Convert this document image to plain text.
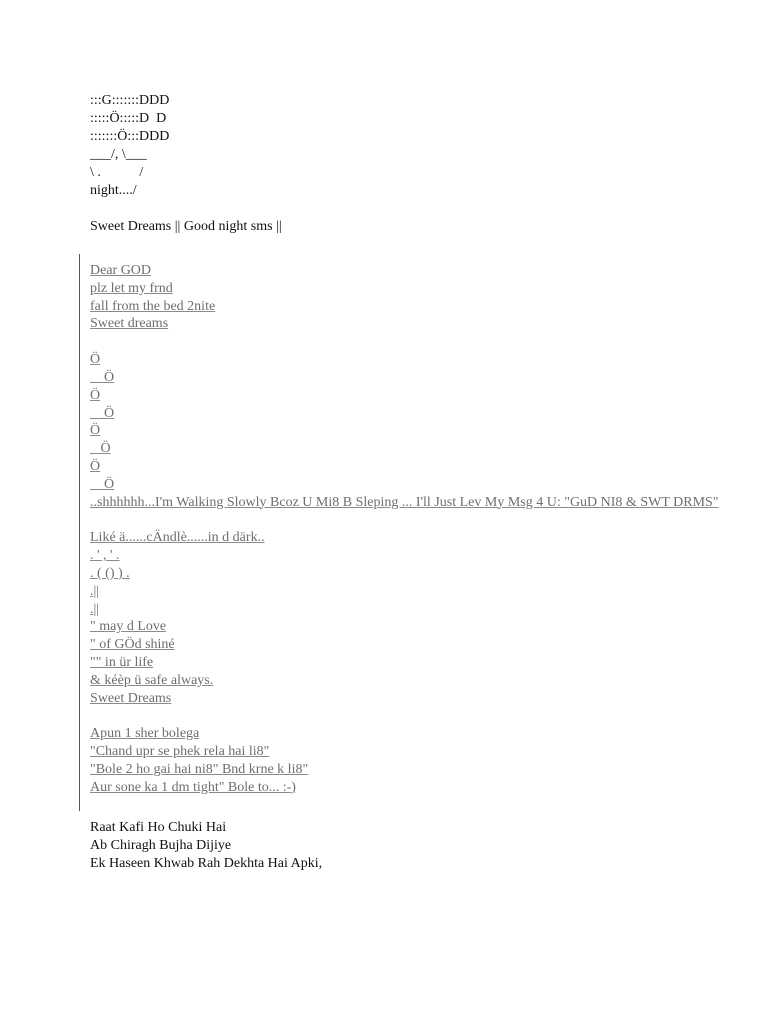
:::G:::::::DDD
:::::Ö:::::D  D
:::::::Ö:::DDD
___/, \___
\ .           /
night..../
Sweet Dreams || Good night sms ||
Dear GOD
plz let my frnd
fall from the bed 2nite
Sweet dreams
Ö
Ö
Ö
Ö
Ö
Ö
Ö
Ö
..shhhhhh...I'm Walking Slowly Bcoz U Mi8 B Sleping ... I'll Just Lev My Msg 4 U: "GuD NI8 & SWT DRMS"
Liké ä......cÄndlè......in d därk..
. ' , ' .
. ( () ) .
.||
.||
" may d Love
" of GÖd shiné
"" in ür life
& kéèp ü safe always.
Sweet Dreams
Apun 1 sher bolega
"Chand upr se phek rela hai li8"
"Bole 2 ho gai hai ni8" Bnd krne k li8"
Aur sone ka 1 dm tight" Bole to... :-)
Raat Kafi Ho Chuki Hai
Ab Chiragh Bujha Dijiye
Ek Haseen Khwab Rah Dekhta Hai Apki,
